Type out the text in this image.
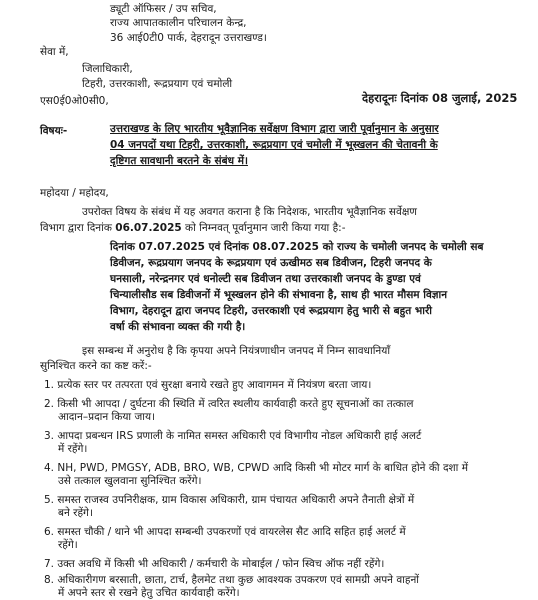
ड्यूटी ऑफिसर / उप सचिव,
राज्य आपातकालीन परिचालन केन्द्र,
36 आई0टी0 पार्क, देहरादून उत्तराखण्ड।
सेवा में,
जिलाधिकारी,
टिहरी, उत्तरकाशी, रूद्रप्रयाग एवं चमोली
एस0ई0ओ0सी0,	देहरादूनः दिनांक 08 जुलाई, 2025
विषयः-	उत्तराखण्ड के लिए भारतीय भूवैज्ञानिक सर्वेक्षण विभाग द्वारा जारी पूर्वानुमान के अनुसार
04 जनपदों यथा टिहरी, उत्तरकाशी, रूद्रप्रयाग एवं चमोली में भूस्खलन की चेतावनी के
दृष्टिगत सावधानी बरतने के संबंध में।
महोदया / महोदय,
उपरोक्त विषय के संबंध में यह अवगत कराना है कि निदेशक, भारतीय भूवैज्ञानिक सर्वेक्षण
विभाग द्वारा दिनांक 06.07.2025 को निम्नवत् पूर्वानुमान जारी किया गया है:-
दिनांक 07.07.2025 एवं दिनांक 08.07.2025 को राज्य के चमोली जनपद के चमोली सब
डिवीजन, रूद्रप्रयाग जनपद के रूद्रप्रयाग एवं ऊखीमठ सब डिवीजन, टिहरी जनपद के
घनसाली, नरेन्द्रनगर एवं धनोल्टी सब डिवीजन तथा उत्तरकाशी जनपद के डुण्डा एवं
चिन्यालीसौड सब डिवीजनों में भूस्खलन होने की संभावना है, साथ ही भारत मौसम विज्ञान
विभाग, देहरादून द्वारा जनपद टिहरी, उत्तरकाशी एवं रूद्रप्रयाग हेतु भारी से बहुत भारी
वर्षा की संभावना व्यक्त की गयी है।
इस सम्बन्ध में अनुरोध है कि कृपया अपने नियंत्रणाधीन जनपद में निम्न सावधानियाँ
सुनिश्चित करने का कष्ट करें:-
1. प्रत्येक स्तर पर तत्परता एवं सुरक्षा बनाये रखते हुए आवागमन में नियंत्रण बरता जाय।
2. किसी भी आपदा / दुर्घटना की स्थिति में त्वरित स्थलीय कार्यवाही करते हुए सूचनाओं का तत्काल
आदान–प्रदान किया जाय।
3. आपदा प्रबन्धन IRS प्रणाली के नामित समस्त अधिकारी एवं विभागीय नोडल अधिकारी हाई अलर्ट
में रहेंगे।
4. NH, PWD, PMGSY, ADB, BRO, WB, CPWD आदि किसी भी मोटर मार्ग के बाधित होने की दशा में
उसे तत्काल खुलवाना सुनिश्चित करेंगे।
5. समस्त राजस्व उपनिरीक्षक, ग्राम विकास अधिकारी, ग्राम पंचायत अधिकारी अपने तैनाती क्षेत्रों में
बने रहेंगे।
6. समस्त चौकी / थाने भी आपदा सम्बन्धी उपकरणों एवं वायरलेस सैट आदि सहित हाई अलर्ट में
रहेंगे।
7. उक्त अवधि में किसी भी अधिकारी / कर्मचारी के मोबाईल / फोन स्विच ऑफ नहीं रहेंगे।
8. अधिकारीगण बरसाती, छाता, टार्च, हैलमेट तथा कुछ आवश्यक उपकरण एवं सामग्री अपने वाहनों
में अपने स्तर से रखने हेतु उचित कार्यवाही करेंगे।
